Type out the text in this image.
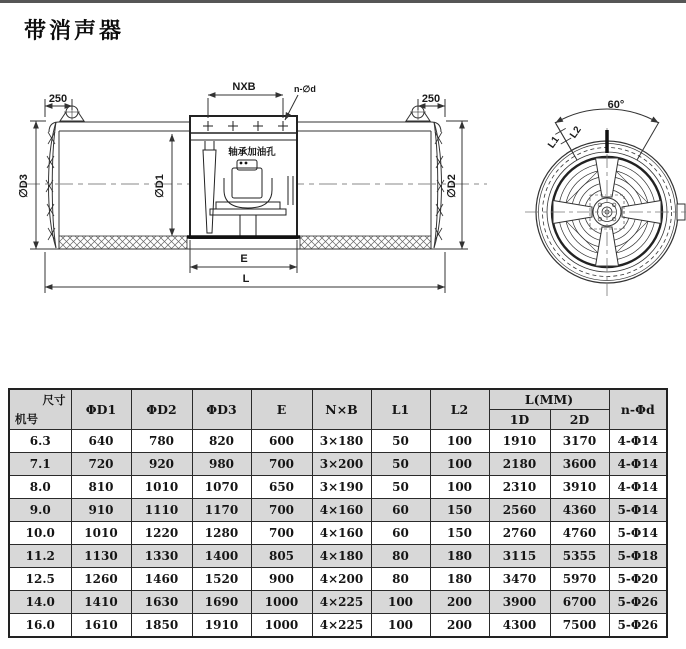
带消声器
轴承加油孔
250	250
NXB	n-∅d
∅D3	∅D1	∅D2
E
L
60°
L1
L2
尺寸
机号	ΦD1	ΦD2	ΦD3	E	N×B	L1	L2	L(MM)		n-Φd
								1D	2D	
6.3	640	780	820	600	3×180	50	100	1910	3170	4-Φ14
7.1	720	920	980	700	3×200	50	100	2180	3600	4-Φ14
8.0	810	1010	1070	650	3×190	50	100	2310	3910	4-Φ14
9.0	910	1110	1170	700	4×160	60	150	2560	4360	5-Φ14
10.0	1010	1220	1280	700	4×160	60	150	2760	4760	5-Φ14
11.2	1130	1330	1400	805	4×180	80	180	3115	5355	5-Φ18
12.5	1260	1460	1520	900	4×200	80	180	3470	5970	5-Φ20
14.0	1410	1630	1690	1000	4×225	100	200	3900	6700	5-Φ26
16.0	1610	1850	1910	1000	4×225	100	200	4300	7500	5-Φ26
